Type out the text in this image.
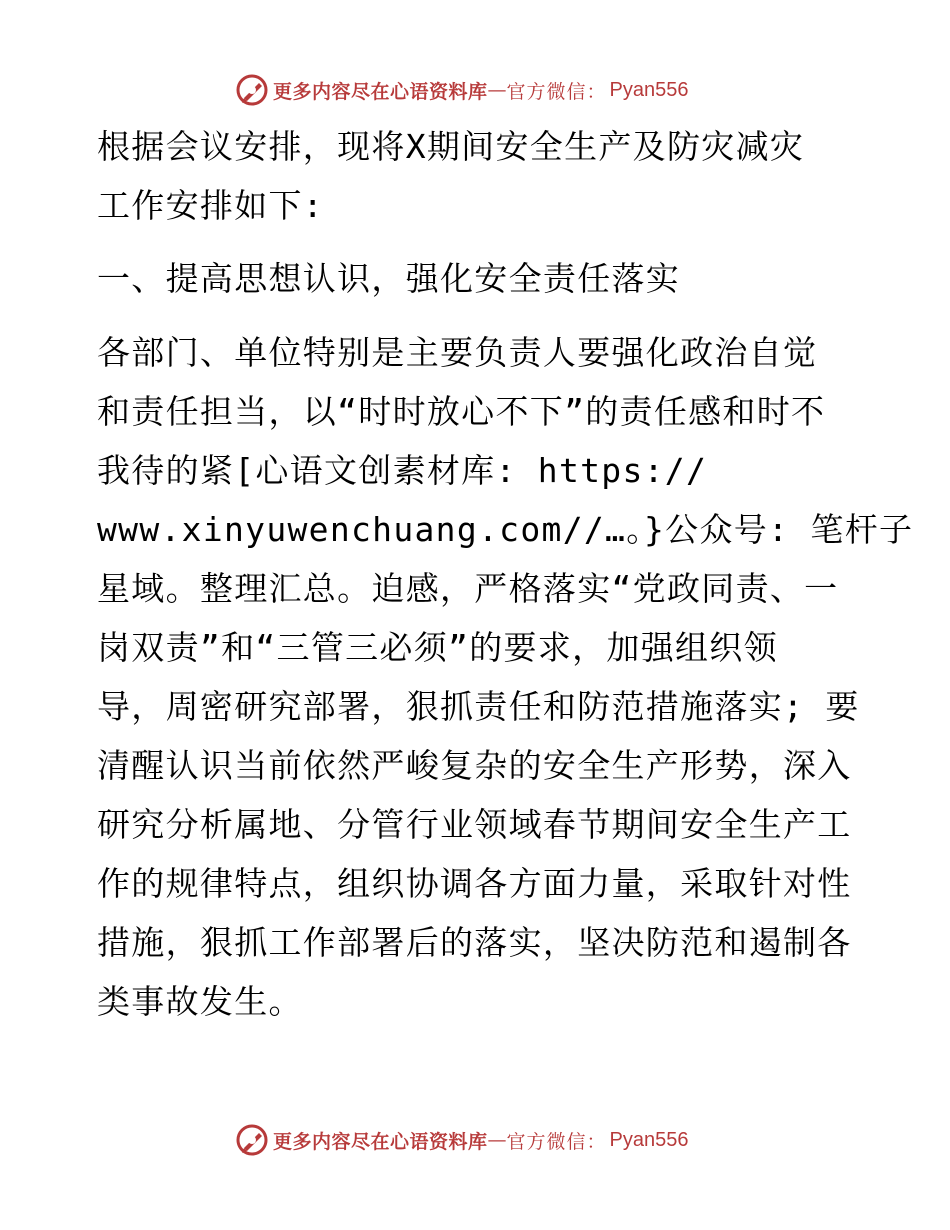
更多内容尽在心语资料库 — 官方微信 ： Pyan556
根据会议安排，现将X期间安全生产及防灾减灾
工作安排如下:
一、提高思想认识，强化安全责任落实
各部门、单位特别是主要负责人要强化政治自觉
和责任担当，以“时时放心不下”的责任感和时不
我待的紧[心语文创素材库: https://
www.xinyuwenchuang.com//…。}公众号: 笔杆子
星域。整理汇总。迫感，严格落实“党政同责、一
岗双责”和“三管三必须”的要求，加强组织领
导，周密研究部署，狠抓责任和防范措施落实; 要
清醒认识当前依然严峻复杂的安全生产形势，深入
研究分析属地、分管行业领域春节期间安全生产工
作的规律特点，组织协调各方面力量，采取针对性
措施，狠抓工作部署后的落实，坚决防范和遏制各
类事故发生。
更多内容尽在心语资料库 — 官方微信 ： Pyan556
